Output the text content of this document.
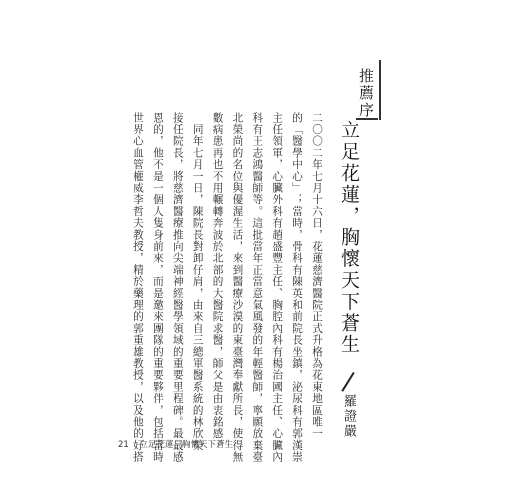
推薦序
立足花蓮，胸懷天下蒼生
羅證嚴
二〇〇二年七月十六日，花蓮慈濟醫院正式升格為花東地區唯一
的「醫學中心」；當時，骨科有陳英和前院長坐鎮，泌尿科有郭漢崇
主任領軍，心臟外科有趙盛豐主任、胸腔內科有楊治國主任、心臟內
科有王志鴻醫師等。這批當年正當意氣風發的年輕醫師，寧願放棄臺
北榮尚的名位與優渥生活，來到醫療沙漠的東臺灣奉獻所長，使得無
數病患再也不用輾轉奔波於北部的大醫院求醫，師父是由衷銘感。
　同年七月一日，陳院長對卸仔肩，由來自三總軍醫系統的林欣榮
接任院長，將慈濟醫療推向尖端神經醫學領域的重要里程碑。最最感
恩的，他不是一個人隻身前來，而是邀來團隊的重要夥伴，包括當時
世界心血管權威李哲夫教授，精於藥理的郭重雄教授，以及他的好搭
21 立足花蓮，胸懷天下蒼生
